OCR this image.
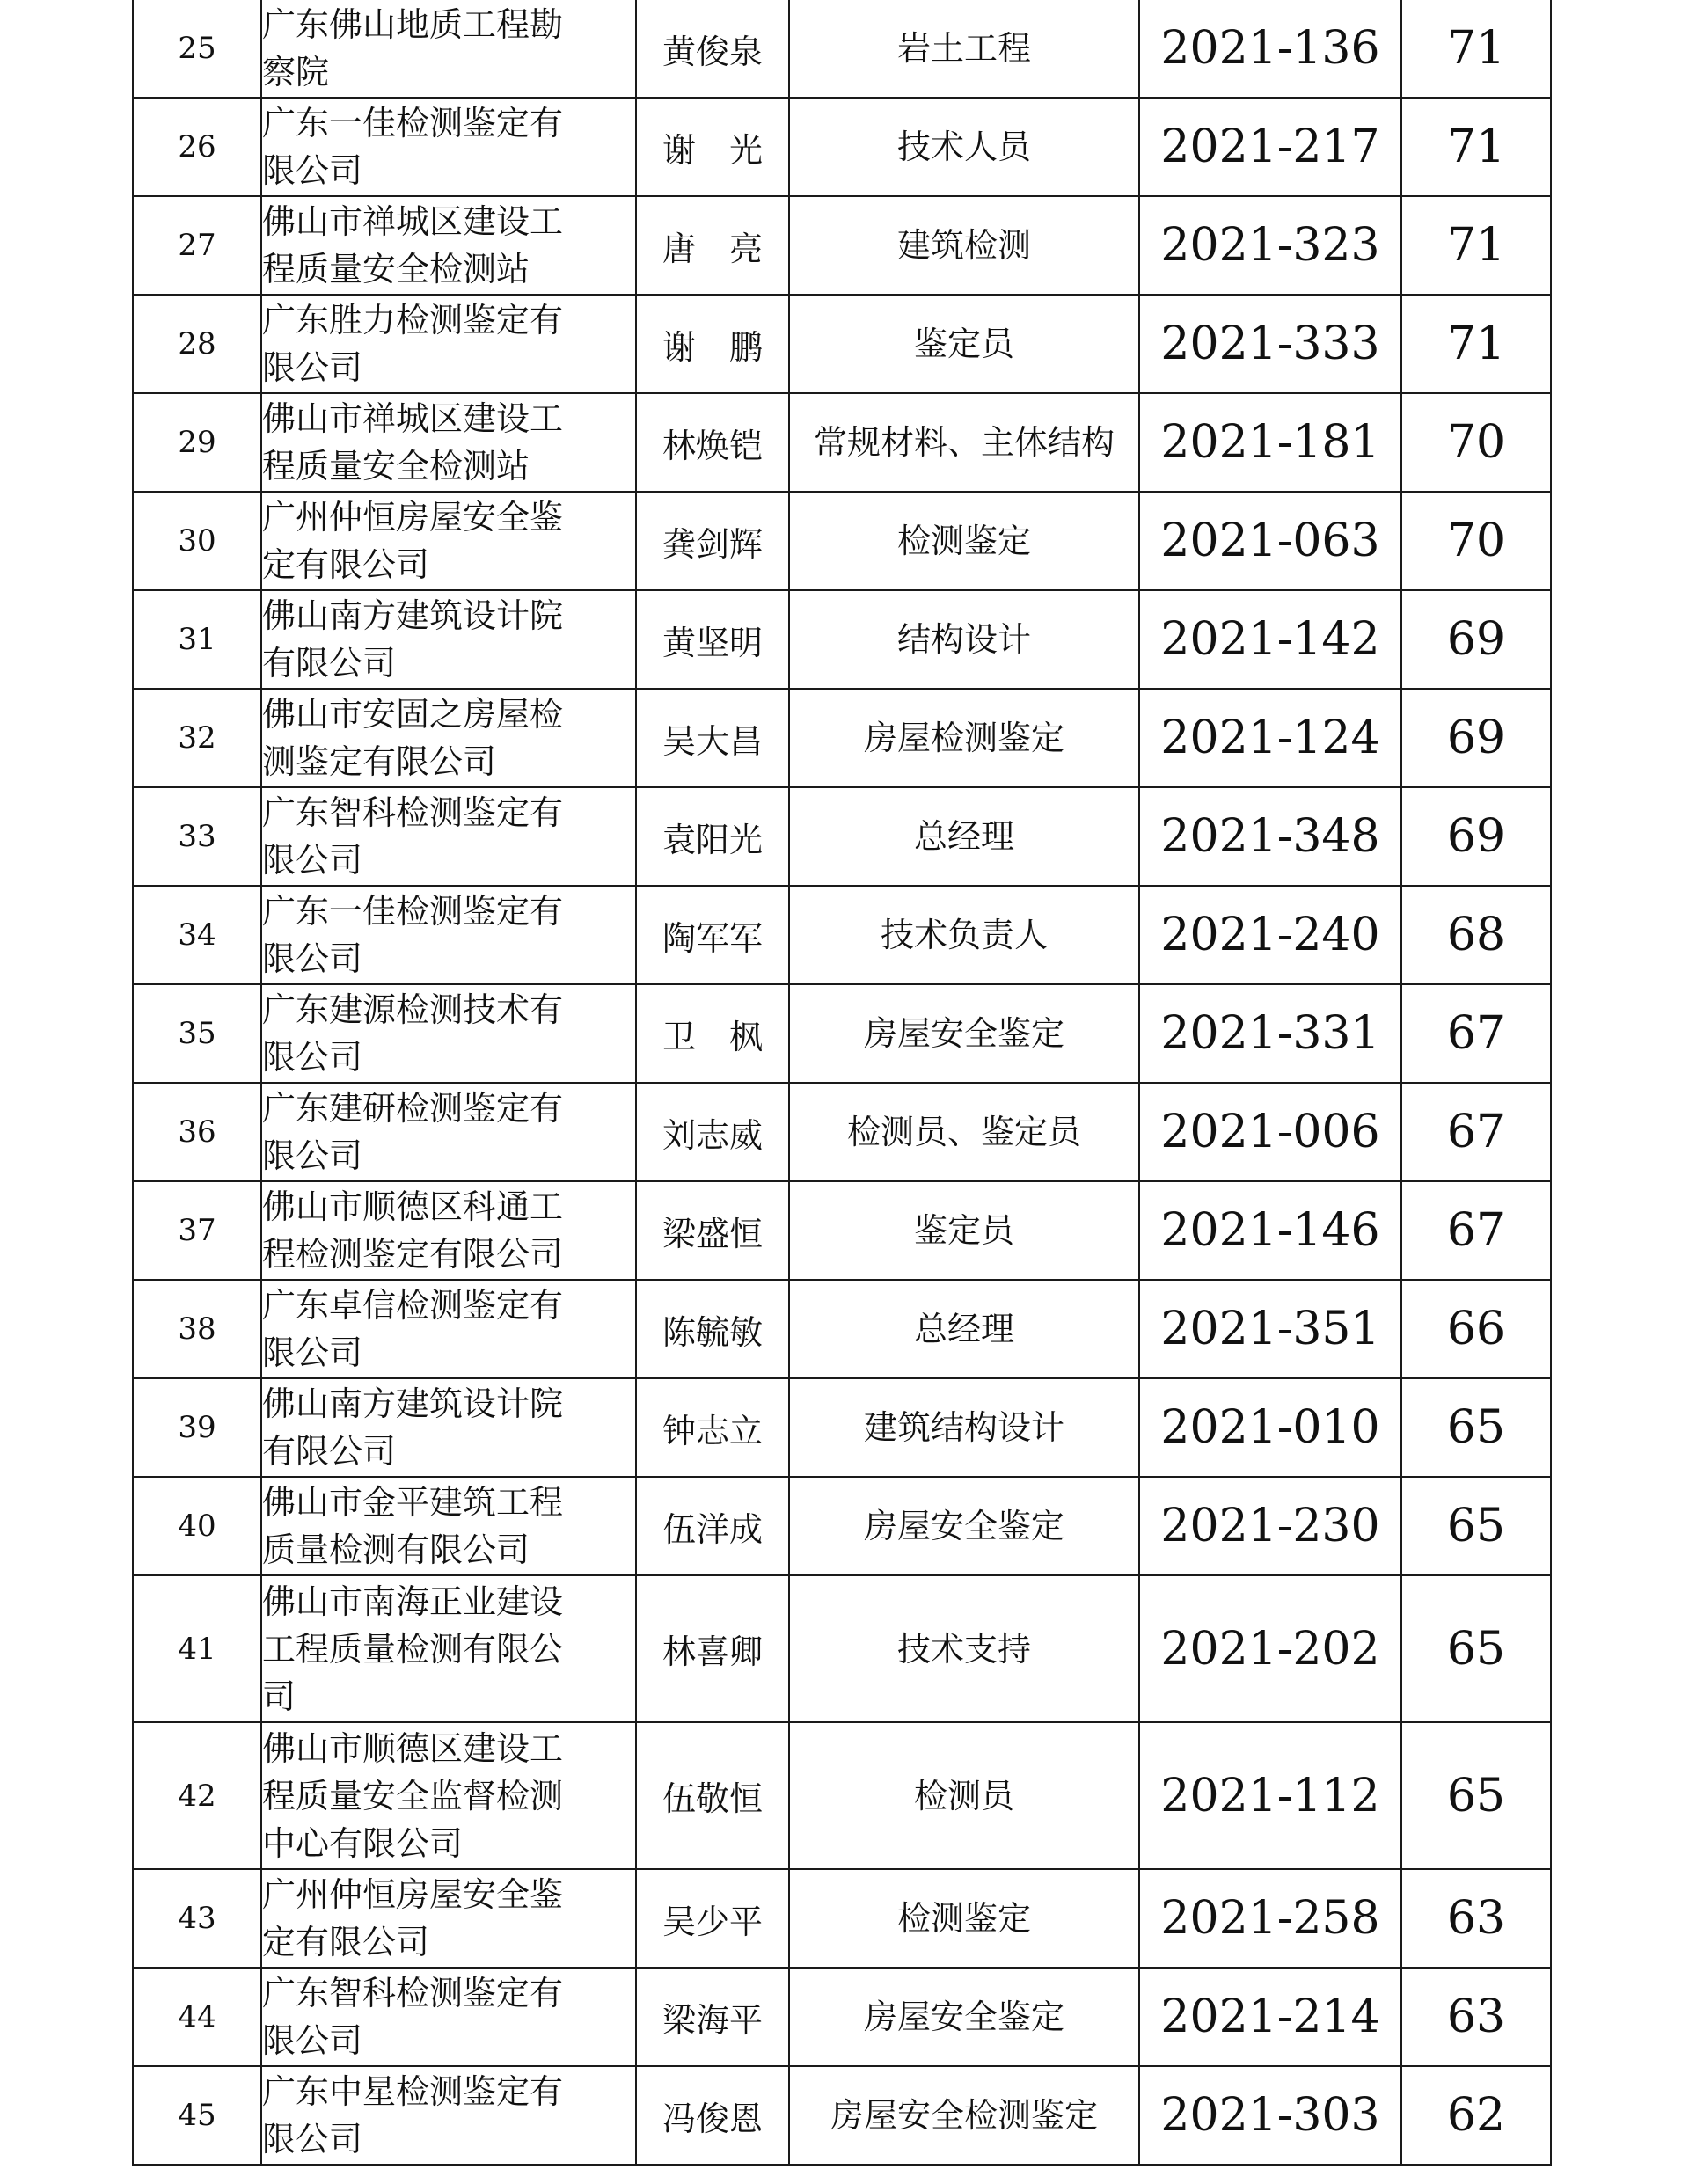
25	广东佛山地质工程勘
察院	黄俊泉	岩土工程	2021-136	71
26	广东一佳检测鉴定有
限公司	谢　光	技术人员	2021-217	71
27	佛山市禅城区建设工
程质量安全检测站	唐　亮	建筑检测	2021-323	71
28	广东胜力检测鉴定有
限公司	谢　鹏	鉴定员	2021-333	71
29	佛山市禅城区建设工
程质量安全检测站	林焕铠	常规材料、主体结构	2021-181	70
30	广州仲恒房屋安全鉴
定有限公司	龚剑辉	检测鉴定	2021-063	70
31	佛山南方建筑设计院
有限公司	黄坚明	结构设计	2021-142	69
32	佛山市安固之房屋检
测鉴定有限公司	吴大昌	房屋检测鉴定	2021-124	69
33	广东智科检测鉴定有
限公司	袁阳光	总经理	2021-348	69
34	广东一佳检测鉴定有
限公司	陶军军	技术负责人	2021-240	68
35	广东建源检测技术有
限公司	卫　枫	房屋安全鉴定	2021-331	67
36	广东建研检测鉴定有
限公司	刘志威	检测员、鉴定员	2021-006	67
37	佛山市顺德区科通工
程检测鉴定有限公司	梁盛恒	鉴定员	2021-146	67
38	广东卓信检测鉴定有
限公司	陈毓敏	总经理	2021-351	66
39	佛山南方建筑设计院
有限公司	钟志立	建筑结构设计	2021-010	65
40	佛山市金平建筑工程
质量检测有限公司	伍洋成	房屋安全鉴定	2021-230	65
41	佛山市南海正业建设
工程质量检测有限公
司	林喜卿	技术支持	2021-202	65
42	佛山市顺德区建设工
程质量安全监督检测
中心有限公司	伍敬恒	检测员	2021-112	65
43	广州仲恒房屋安全鉴
定有限公司	吴少平	检测鉴定	2021-258	63
44	广东智科检测鉴定有
限公司	梁海平	房屋安全鉴定	2021-214	63
45	广东中星检测鉴定有
限公司	冯俊恩	房屋安全检测鉴定	2021-303	62
